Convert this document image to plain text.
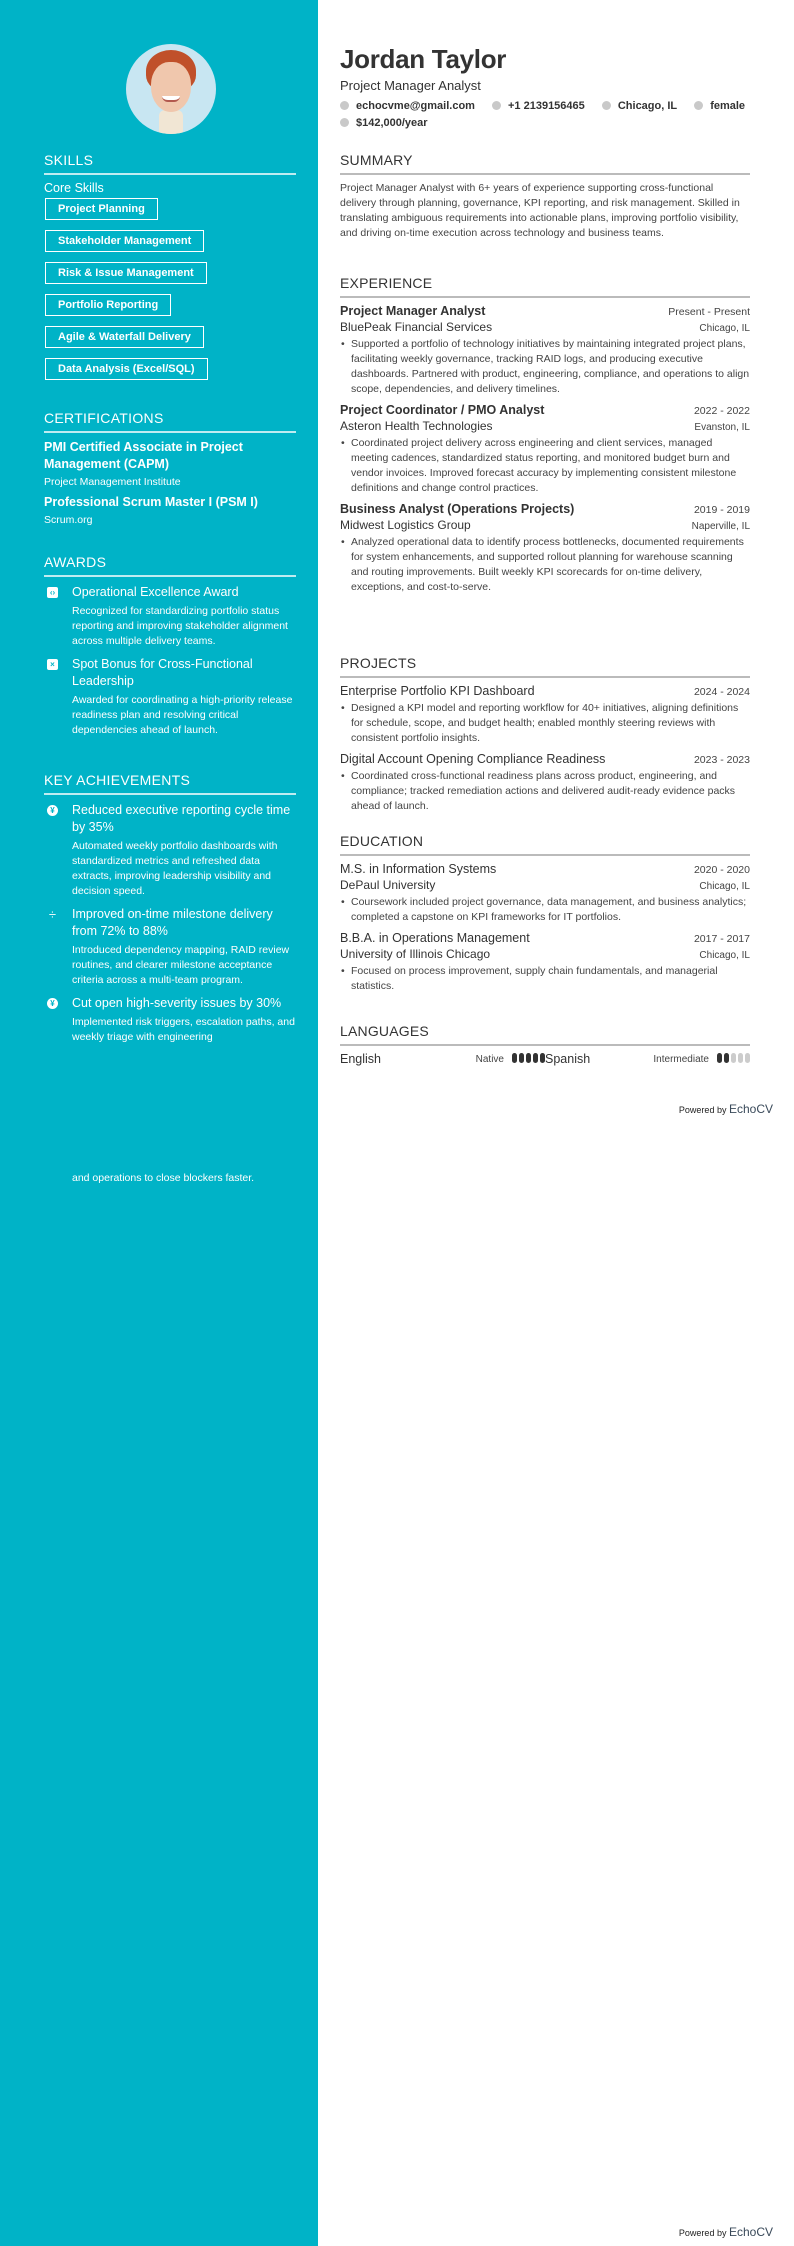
SKILLS
Core Skills
Project Planning
Stakeholder Management
Risk & Issue Management
Portfolio Reporting
Agile & Waterfall Delivery
Data Analysis (Excel/SQL)
CERTIFICATIONS
PMI Certified Associate in Project Management (CAPM)
Project Management Institute
Professional Scrum Master I (PSM I)
Scrum.org
AWARDS
‹› Operational Excellence Award
Recognized for standardizing portfolio status reporting and improving stakeholder alignment across multiple delivery teams.
× Spot Bonus for Cross-Functional Leadership
Awarded for coordinating a high-priority release readiness plan and resolving critical dependencies ahead of launch.
KEY ACHIEVEMENTS
¥ Reduced executive reporting cycle time by 35%
Automated weekly portfolio dashboards with standardized metrics and refreshed data extracts, improving leadership visibility and decision speed.
÷ Improved on-time milestone delivery from 72% to 88%
Introduced dependency mapping, RAID review routines, and clearer milestone acceptance criteria across a multi-team program.
¥ Cut open high-severity issues by 30%
Implemented risk triggers, escalation paths, and weekly triage with engineering
and operations to close blockers faster.
Jordan Taylor
Project Manager Analyst
echocvme@gmail.com	+1 2139156465	Chicago, IL	female
$142,000/year
SUMMARY
Project Manager Analyst with 6+ years of experience supporting cross-functional delivery through planning, governance, KPI reporting, and risk management. Skilled in translating ambiguous requirements into actionable plans, improving portfolio visibility, and driving on-time execution across technology and business teams.
EXPERIENCE
Project Manager Analyst	Present - Present
BluePeak Financial Services	Chicago, IL
• Supported a portfolio of technology initiatives by maintaining integrated project plans, facilitating weekly governance, tracking RAID logs, and producing executive dashboards. Partnered with product, engineering, compliance, and operations to align scope, dependencies, and delivery timelines.
Project Coordinator / PMO Analyst	2022 - 2022
Asteron Health Technologies	Evanston, IL
• Coordinated project delivery across engineering and client services, managed meeting cadences, standardized status reporting, and monitored budget burn and vendor invoices. Improved forecast accuracy by implementing consistent milestone definitions and change control practices.
Business Analyst (Operations Projects)	2019 - 2019
Midwest Logistics Group	Naperville, IL
• Analyzed operational data to identify process bottlenecks, documented requirements for system enhancements, and supported rollout planning for warehouse scanning and routing improvements. Built weekly KPI scorecards for on-time delivery, exceptions, and cost-to-serve.
PROJECTS
Enterprise Portfolio KPI Dashboard	2024 - 2024
• Designed a KPI model and reporting workflow for 40+ initiatives, aligning definitions for schedule, scope, and budget health; enabled monthly steering reviews with consistent portfolio insights.
Digital Account Opening Compliance Readiness	2023 - 2023
• Coordinated cross-functional readiness plans across product, engineering, and compliance; tracked remediation actions and delivered audit-ready evidence packs ahead of launch.
EDUCATION
M.S. in Information Systems	2020 - 2020
DePaul University	Chicago, IL
• Coursework included project governance, data management, and business analytics; completed a capstone on KPI frameworks for IT portfolios.
B.B.A. in Operations Management	2017 - 2017
University of Illinois Chicago	Chicago, IL
• Focused on process improvement, supply chain fundamentals, and managerial statistics.
LANGUAGES
English	Native	Spanish	Intermediate
Powered by EchoCV
Powered by EchoCV
